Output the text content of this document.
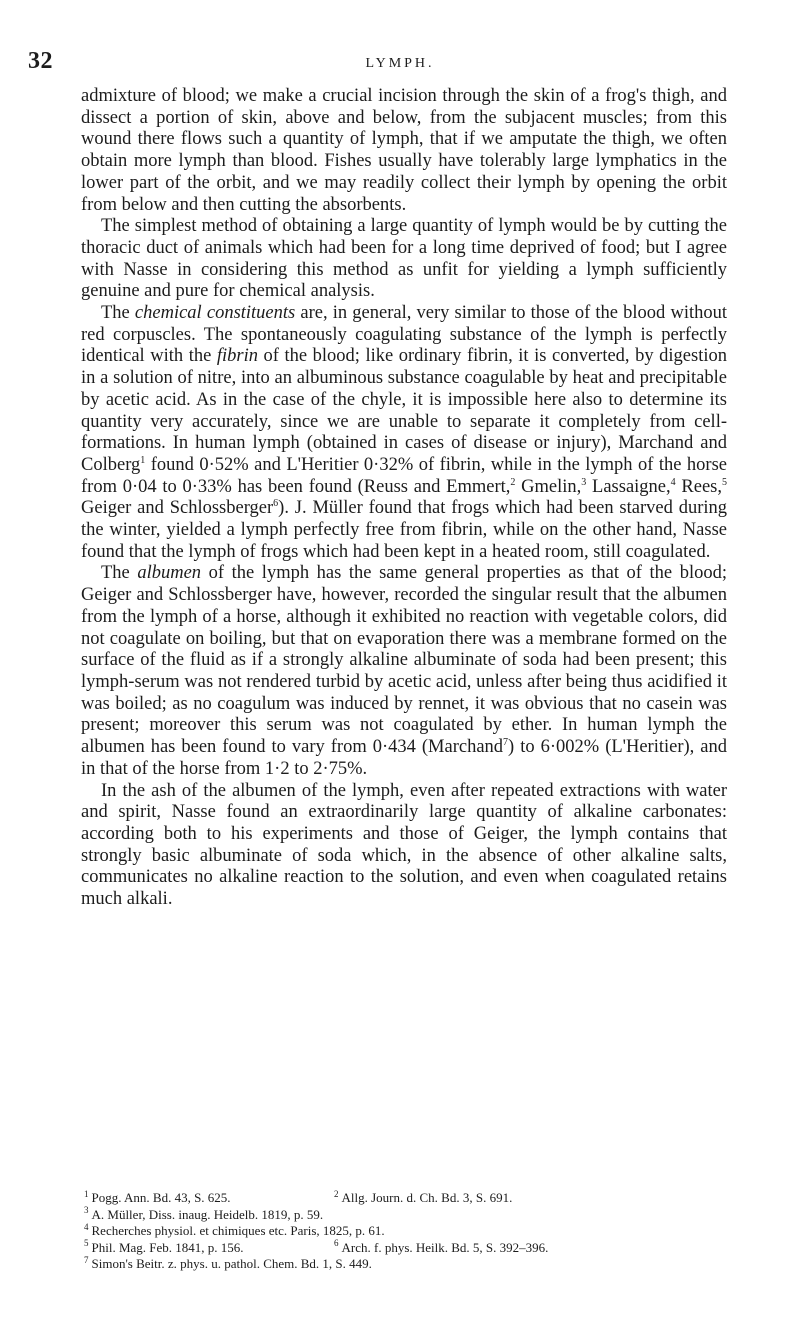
32	LYMPH.

admixture of blood; we make a crucial incision through the skin of a frog's thigh, and dissect a portion of skin, above and below, from the subjacent muscles; from this wound there flows such a quantity of lymph, that if we amputate the thigh, we often obtain more lymph than blood. Fishes usually have tolerably large lymphatics in the lower part of the orbit, and we may readily collect their lymph by opening the orbit from below and then cutting the absorbents.

The simplest method of obtaining a large quantity of lymph would be by cutting the thoracic duct of animals which had been for a long time deprived of food; but I agree with Nasse in considering this method as unfit for yielding a lymph sufficiently genuine and pure for chemical analysis.

The chemical constituents are, in general, very similar to those of the blood without red corpuscles. The spontaneously coagulating substance of the lymph is perfectly identical with the fibrin of the blood; like ordinary fibrin, it is converted, by digestion in a solution of nitre, into an albuminous substance coagulable by heat and precipitable by acetic acid. As in the case of the chyle, it is impossible here also to determine its quantity very accurately, since we are unable to separate it completely from cell-formations. In human lymph (obtained in cases of disease or injury), Marchand and Colberg$^1$ found 0·52% and L'Heritier 0·32% of fibrin, while in the lymph of the horse from 0·04 to 0·33% has been found (Reuss and Emmert,$^2$ Gmelin,$^3$ Lassaigne,$^4$ Rees,$^5$ Geiger and Schlossberger$^6$). J. Müller found that frogs which had been starved during the winter, yielded a lymph perfectly free from fibrin, while on the other hand, Nasse found that the lymph of frogs which had been kept in a heated room, still coagulated.

The albumen of the lymph has the same general properties as that of the blood; Geiger and Schlossberger have, however, recorded the singular result that the albumen from the lymph of a horse, although it exhibited no reaction with vegetable colors, did not coagulate on boiling, but that on evaporation there was a membrane formed on the surface of the fluid as if a strongly alkaline albuminate of soda had been present; this lymph-serum was not rendered turbid by acetic acid, unless after being thus acidified it was boiled; as no coagulum was induced by rennet, it was obvious that no casein was present; moreover this serum was not coagulated by ether. In human lymph the albumen has been found to vary from 0·434 (Marchand$^7$) to 6·002% (L'Heritier), and in that of the horse from 1·2 to 2·75%.

In the ash of the albumen of the lymph, even after repeated extractions with water and spirit, Nasse found an extraordinarily large quantity of alkaline carbonates: according both to his experiments and those of Geiger, the lymph contains that strongly basic albuminate of soda which, in the absence of other alkaline salts, communicates no alkaline reaction to the solution, and even when coagulated retains much alkali.

$^1$ Pogg. Ann. Bd. 43, S. 625.	$^2$ Allg. Journ. d. Ch. Bd. 3, S. 691.
$^3$ A. Müller, Diss. inaug. Heidelb. 1819, p. 59.
$^4$ Recherches physiol. et chimiques etc. Paris, 1825, p. 61.
$^5$ Phil. Mag. Feb. 1841, p. 156.	$^6$ Arch. f. phys. Heilk. Bd. 5, S. 392–396.
$^7$ Simon's Beitr. z. phys. u. pathol. Chem. Bd. 1, S. 449.
